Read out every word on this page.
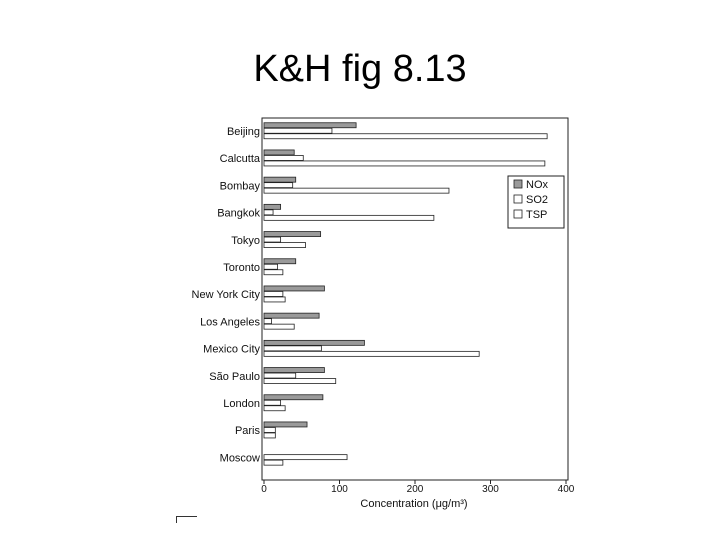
K&H fig 8.13
Beijing
Calcutta
Bombay
Bangkok
Tokyo
Toronto
New York City
Los Angeles
Mexico City
São Paulo
London
Paris
Moscow
0	100	200	300	400
Concentration (μg/m³)
NOx
SO2
TSP
